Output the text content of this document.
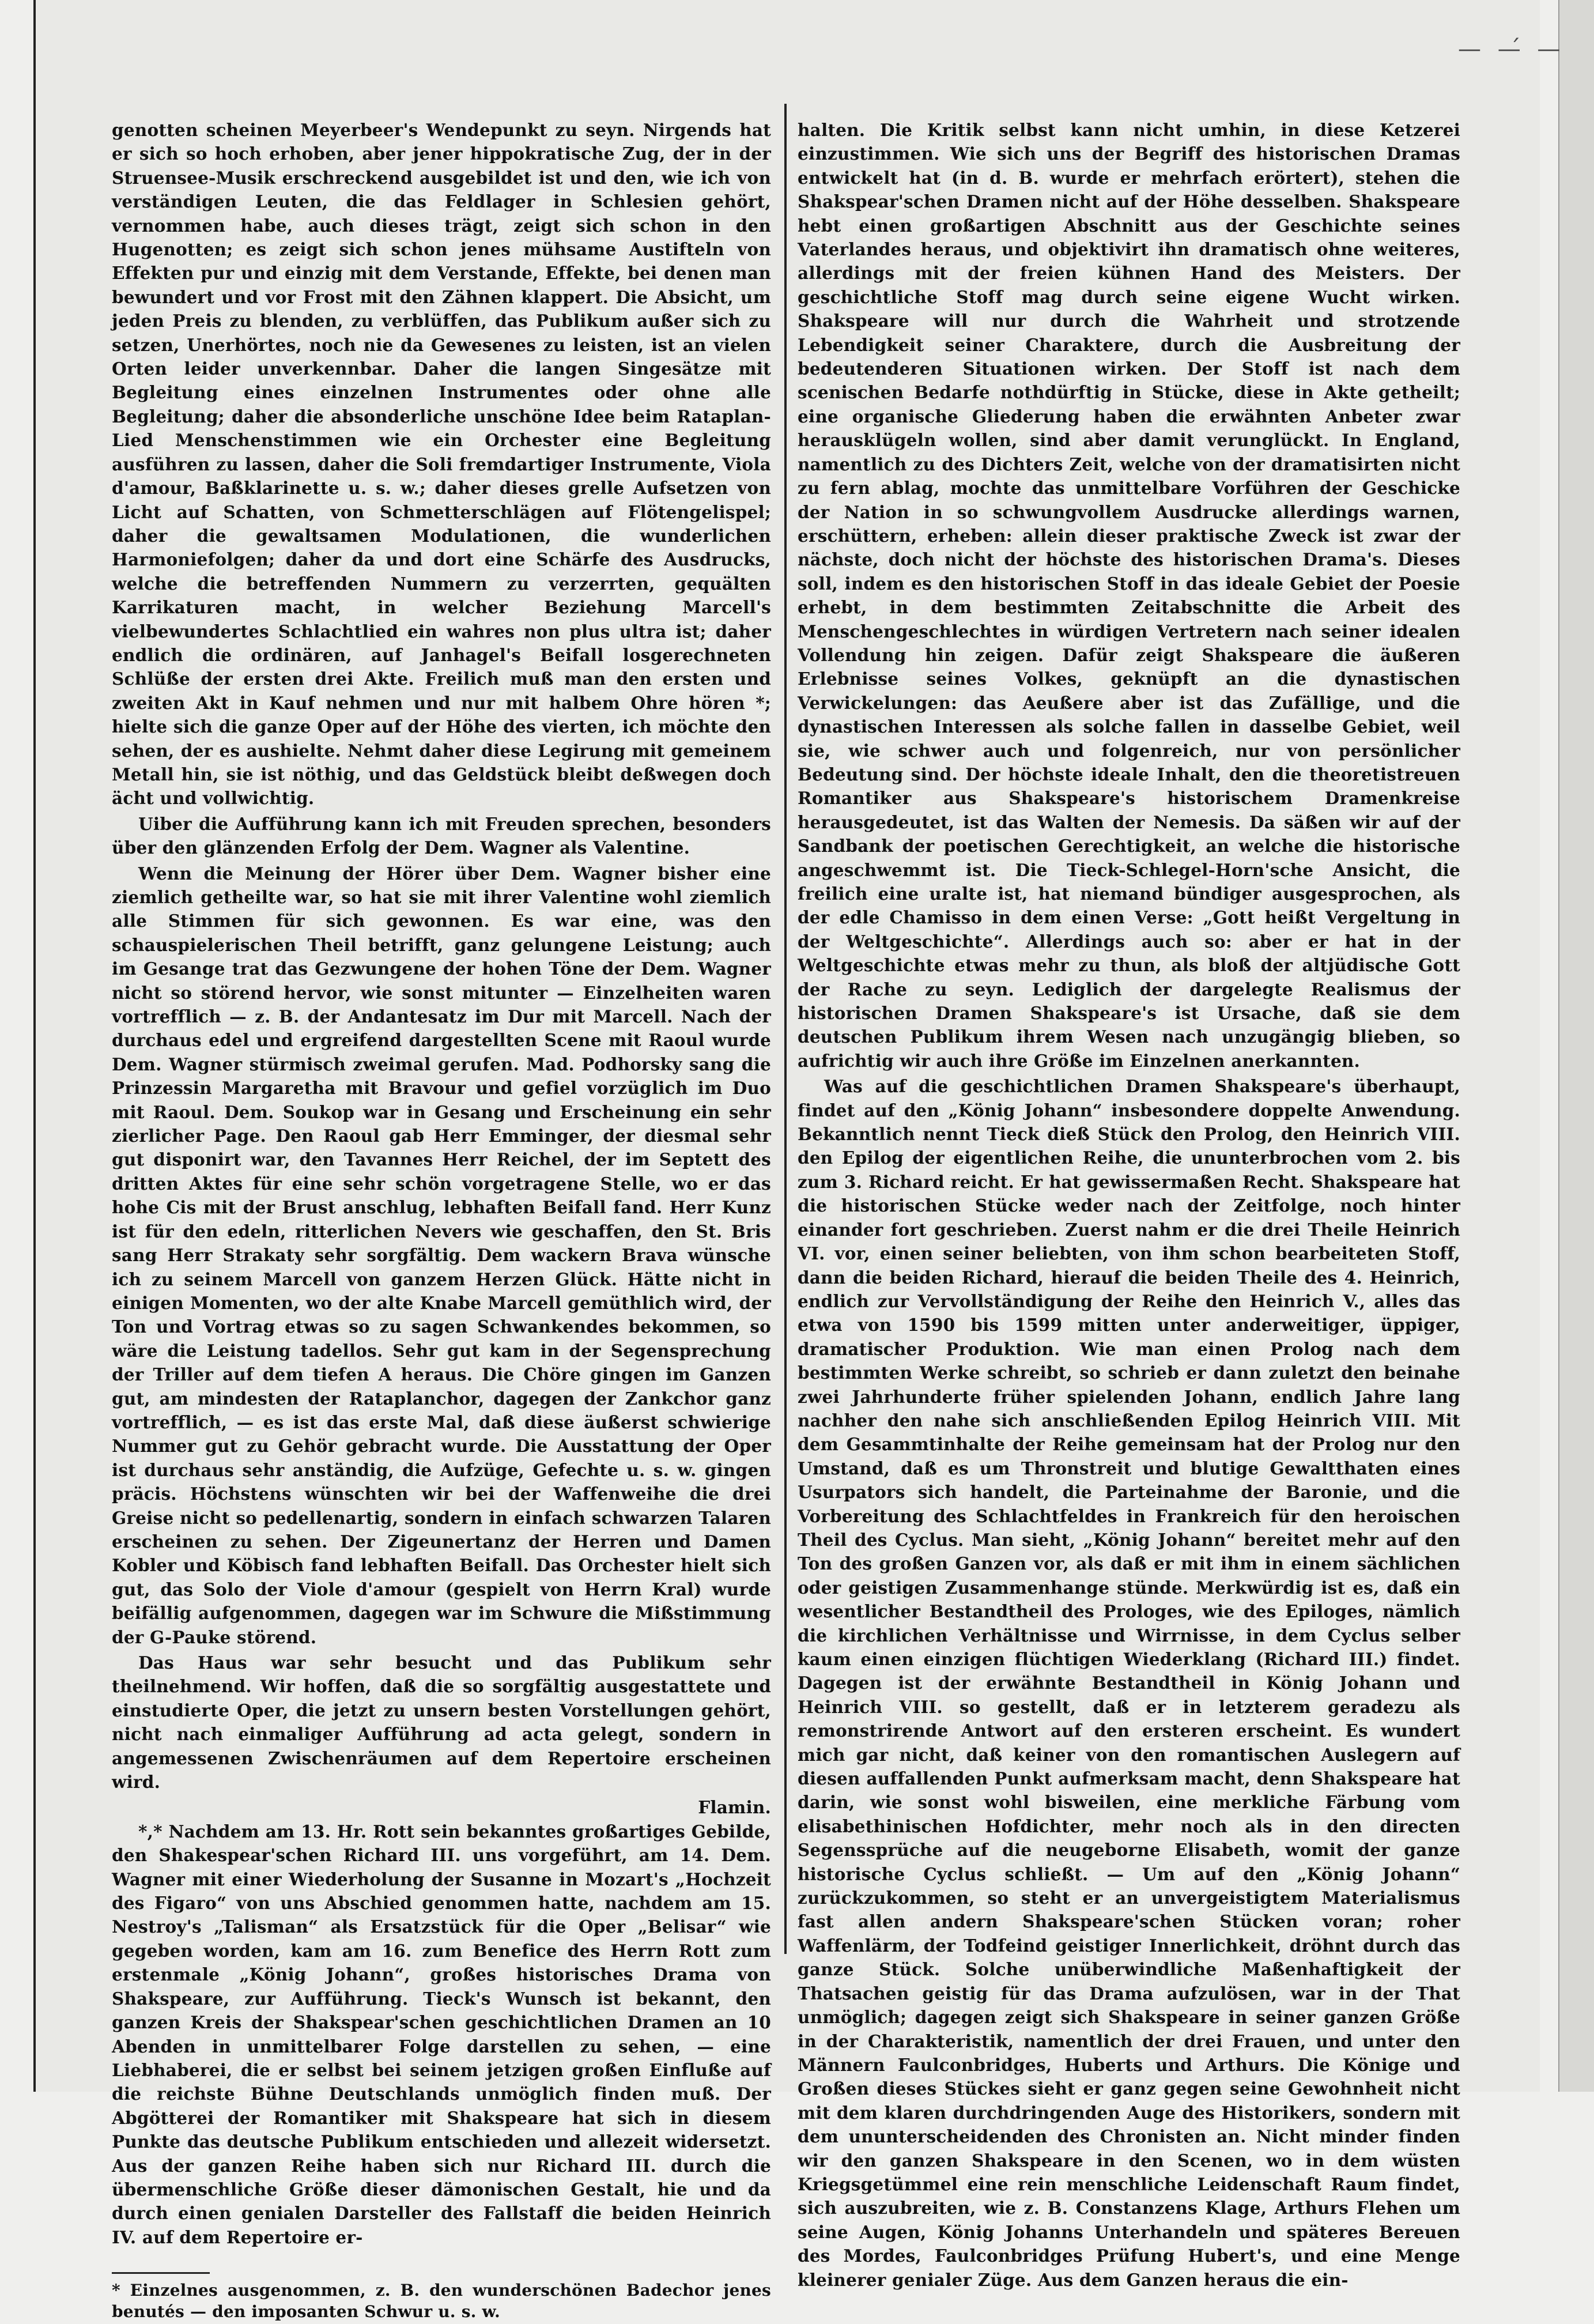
— —́ —

genotten scheinen Meyerbeer's Wendepunkt zu seyn. Nirgends hat er sich so hoch erhoben, aber jener hippokratische Zug, der in der Struensee-Musik erschreckend ausgebildet ist und den, wie ich von verständigen Leuten, die das Feldlager in Schlesien gehört, vernommen habe, auch dieses trägt, zeigt sich schon in den Hugenotten; es zeigt sich schon jenes mühsame Austifteln von Effekten pur und einzig mit dem Verstande, Effekte, bei denen man bewundert und vor Frost mit den Zähnen klappert. Die Absicht, um jeden Preis zu blenden, zu verblüffen, das Publikum außer sich zu setzen, Unerhörtes, noch nie da Gewesenes zu leisten, ist an vielen Orten leider unverkennbar. Daher die langen Singesätze mit Begleitung eines einzelnen Instrumentes oder ohne alle Begleitung; daher die absonderliche unschöne Idee beim Rataplan-Lied Menschenstimmen wie ein Orchester eine Begleitung ausführen zu lassen, daher die Soli fremdartiger Instrumente, Viola d'amour, Baßklarinette u. s. w.; daher dieses grelle Aufsetzen von Licht auf Schatten, von Schmetterschlägen auf Flötengelispel; daher die gewaltsamen Modulationen, die wunderlichen Harmoniefolgen; daher da und dort eine Schärfe des Ausdrucks, welche die betreffenden Nummern zu verzerrten, gequälten Karrikaturen macht, in welcher Beziehung Marcell's vielbewundertes Schlachtlied ein wahres non plus ultra ist; daher endlich die ordinären, auf Janhagel's Beifall losgerechneten Schlüße der ersten drei Akte. Freilich muß man den ersten und zweiten Akt in Kauf nehmen und nur mit halbem Ohre hören *; hielte sich die ganze Oper auf der Höhe des vierten, ich möchte den sehen, der es aushielte. Nehmt daher diese Legirung mit gemeinem Metall hin, sie ist nöthig, und das Geldstück bleibt deßwegen doch ächt und vollwichtig.

Uiber die Aufführung kann ich mit Freuden sprechen, besonders über den glänzenden Erfolg der Dem. Wagner als Valentine.

Wenn die Meinung der Hörer über Dem. Wagner bisher eine ziemlich getheilte war, so hat sie mit ihrer Valentine wohl ziemlich alle Stimmen für sich gewonnen. Es war eine, was den schauspielerischen Theil betrifft, ganz gelungene Leistung; auch im Gesange trat das Gezwungene der hohen Töne der Dem. Wagner nicht so störend hervor, wie sonst mitunter — Einzelheiten waren vortrefflich — z. B. der Andantesatz im Dur mit Marcell. Nach der durchaus edel und ergreifend dargestellten Scene mit Raoul wurde Dem. Wagner stürmisch zweimal gerufen. Mad. Podhorsky sang die Prinzessin Margaretha mit Bravour und gefiel vorzüglich im Duo mit Raoul. Dem. Soukop war in Gesang und Erscheinung ein sehr zierlicher Page. Den Raoul gab Herr Emminger, der diesmal sehr gut disponirt war, den Tavannes Herr Reichel, der im Septett des dritten Aktes für eine sehr schön vorgetragene Stelle, wo er das hohe Cis mit der Brust anschlug, lebhaften Beifall fand. Herr Kunz ist für den edeln, ritterlichen Nevers wie geschaffen, den St. Bris sang Herr Strakaty sehr sorgfältig. Dem wackern Brava wünsche ich zu seinem Marcell von ganzem Herzen Glück. Hätte nicht in einigen Momenten, wo der alte Knabe Marcell gemüthlich wird, der Ton und Vortrag etwas so zu sagen Schwankendes bekommen, so wäre die Leistung tadellos. Sehr gut kam in der Segensprechung der Triller auf dem tiefen A heraus. Die Chöre gingen im Ganzen gut, am mindesten der Rataplanchor, dagegen der Zankchor ganz vortrefflich, — es ist das erste Mal, daß diese äußerst schwierige Nummer gut zu Gehör gebracht wurde. Die Ausstattung der Oper ist durchaus sehr anständig, die Aufzüge, Gefechte u. s. w. gingen präcis. Höchstens wünschten wir bei der Waffenweihe die drei Greise nicht so pedellenartig, sondern in einfach schwarzen Talaren erscheinen zu sehen. Der Zigeunertanz der Herren und Damen Kobler und Köbisch fand lebhaften Beifall. Das Orchester hielt sich gut, das Solo der Viole d'amour (gespielt von Herrn Kral) wurde beifällig aufgenommen, dagegen war im Schwure die Mißstimmung der G-Pauke störend.

Das Haus war sehr besucht und das Publikum sehr theilnehmend. Wir hoffen, daß die so sorgfältig ausgestattete und einstudierte Oper, die jetzt zu unsern besten Vorstellungen gehört, nicht nach einmaliger Aufführung ad acta gelegt, sondern in angemessenen Zwischenräumen auf dem Repertoire erscheinen wird.

Flamin.

*,* Nachdem am 13. Hr. Rott sein bekanntes großartiges Gebilde, den Shakespear'schen Richard III. uns vorgeführt, am 14. Dem. Wagner mit einer Wiederholung der Susanne in Mozart's „Hochzeit des Figaro“ von uns Abschied genommen hatte, nachdem am 15. Nestroy's „Talisman“ als Ersatzstück für die Oper „Belisar“ wie gegeben worden, kam am 16. zum Benefice des Herrn Rott zum erstenmale „König Johann“, großes historisches Drama von Shakspeare, zur Aufführung. Tieck's Wunsch ist bekannt, den ganzen Kreis der Shakspear'schen geschichtlichen Dramen an 10 Abenden in unmittelbarer Folge darstellen zu sehen, — eine Liebhaberei, die er selbst bei seinem jetzigen großen Einfluße auf die reichste Bühne Deutschlands unmöglich finden muß. Der Abgötterei der Romantiker mit Shakspeare hat sich in diesem Punkte das deutsche Publikum entschieden und allezeit widersetzt. Aus der ganzen Reihe haben sich nur Richard III. durch die übermenschliche Größe dieser dämonischen Gestalt, hie und da durch einen genialen Darsteller des Fallstaff die beiden Heinrich IV. auf dem Repertoire er-

* Einzelnes ausgenommen, z. B. den wunderschönen Badechor jenes benutés — den imposanten Schwur u. s. w.

halten. Die Kritik selbst kann nicht umhin, in diese Ketzerei einzustimmen. Wie sich uns der Begriff des historischen Dramas entwickelt hat (in d. B. wurde er mehrfach erörtert), stehen die Shakspear'schen Dramen nicht auf der Höhe desselben. Shakspeare hebt einen großartigen Abschnitt aus der Geschichte seines Vaterlandes heraus, und objektivirt ihn dramatisch ohne weiteres, allerdings mit der freien kühnen Hand des Meisters. Der geschichtliche Stoff mag durch seine eigene Wucht wirken. Shakspeare will nur durch die Wahrheit und strotzende Lebendigkeit seiner Charaktere, durch die Ausbreitung der bedeutenderen Situationen wirken. Der Stoff ist nach dem scenischen Bedarfe nothdürftig in Stücke, diese in Akte getheilt; eine organische Gliederung haben die erwähnten Anbeter zwar herausklügeln wollen, sind aber damit verunglückt. In England, namentlich zu des Dichters Zeit, welche von der dramatisirten nicht zu fern ablag, mochte das unmittelbare Vorführen der Geschicke der Nation in so schwungvollem Ausdrucke allerdings warnen, erschüttern, erheben: allein dieser praktische Zweck ist zwar der nächste, doch nicht der höchste des historischen Drama's. Dieses soll, indem es den historischen Stoff in das ideale Gebiet der Poesie erhebt, in dem bestimmten Zeitabschnitte die Arbeit des Menschengeschlechtes in würdigen Vertretern nach seiner idealen Vollendung hin zeigen. Dafür zeigt Shakspeare die äußeren Erlebnisse seines Volkes, geknüpft an die dynastischen Verwickelungen: das Aeußere aber ist das Zufällige, und die dynastischen Interessen als solche fallen in dasselbe Gebiet, weil sie, wie schwer auch und folgenreich, nur von persönlicher Bedeutung sind. Der höchste ideale Inhalt, den die theoretistreuen Romantiker aus Shakspeare's historischem Dramenkreise herausgedeutet, ist das Walten der Nemesis. Da säßen wir auf der Sandbank der poetischen Gerechtigkeit, an welche die historische angeschwemmt ist. Die Tieck-Schlegel-Horn'sche Ansicht, die freilich eine uralte ist, hat niemand bündiger ausgesprochen, als der edle Chamisso in dem einen Verse: „Gott heißt Vergeltung in der Weltgeschichte“. Allerdings auch so: aber er hat in der Weltgeschichte etwas mehr zu thun, als bloß der altjüdische Gott der Rache zu seyn. Lediglich der dargelegte Realismus der historischen Dramen Shakspeare's ist Ursache, daß sie dem deutschen Publikum ihrem Wesen nach unzugängig blieben, so aufrichtig wir auch ihre Größe im Einzelnen anerkannten.

Was auf die geschichtlichen Dramen Shakspeare's überhaupt, findet auf den „König Johann“ insbesondere doppelte Anwendung. Bekanntlich nennt Tieck dieß Stück den Prolog, den Heinrich VIII. den Epilog der eigentlichen Reihe, die ununterbrochen vom 2. bis zum 3. Richard reicht. Er hat gewissermaßen Recht. Shakspeare hat die historischen Stücke weder nach der Zeitfolge, noch hinter einander fort geschrieben. Zuerst nahm er die drei Theile Heinrich VI. vor, einen seiner beliebten, von ihm schon bearbeiteten Stoff, dann die beiden Richard, hierauf die beiden Theile des 4. Heinrich, endlich zur Vervollständigung der Reihe den Heinrich V., alles das etwa von 1590 bis 1599 mitten unter anderweitiger, üppiger, dramatischer Produktion. Wie man einen Prolog nach dem bestimmten Werke schreibt, so schrieb er dann zuletzt den beinahe zwei Jahrhunderte früher spielenden Johann, endlich Jahre lang nachher den nahe sich anschließenden Epilog Heinrich VIII. Mit dem Gesammtinhalte der Reihe gemeinsam hat der Prolog nur den Umstand, daß es um Thronstreit und blutige Gewaltthaten eines Usurpators sich handelt, die Parteinahme der Baronie, und die Vorbereitung des Schlachtfeldes in Frankreich für den heroischen Theil des Cyclus. Man sieht, „König Johann“ bereitet mehr auf den Ton des großen Ganzen vor, als daß er mit ihm in einem sächlichen oder geistigen Zusammenhange stünde. Merkwürdig ist es, daß ein wesentlicher Bestandtheil des Prologes, wie des Epiloges, nämlich die kirchlichen Verhältnisse und Wirrnisse, in dem Cyclus selber kaum einen einzigen flüchtigen Wiederklang (Richard III.) findet. Dagegen ist der erwähnte Bestandtheil in König Johann und Heinrich VIII. so gestellt, daß er in letzterem geradezu als remonstrirende Antwort auf den ersteren erscheint. Es wundert mich gar nicht, daß keiner von den romantischen Auslegern auf diesen auffallenden Punkt aufmerksam macht, denn Shakspeare hat darin, wie sonst wohl bisweilen, eine merkliche Färbung vom elisabethinischen Hofdichter, mehr noch als in den directen Segenssprüche auf die neugeborne Elisabeth, womit der ganze historische Cyclus schließt. — Um auf den „König Johann“ zurückzukommen, so steht er an unvergeistigtem Materialismus fast allen andern Shakspeare'schen Stücken voran; roher Waffenlärm, der Todfeind geistiger Innerlichkeit, dröhnt durch das ganze Stück. Solche unüberwindliche Maßenhaftigkeit der Thatsachen geistig für das Drama aufzulösen, war in der That unmöglich; dagegen zeigt sich Shakspeare in seiner ganzen Größe in der Charakteristik, namentlich der drei Frauen, und unter den Männern Faulconbridges, Huberts und Arthurs. Die Könige und Großen dieses Stückes sieht er ganz gegen seine Gewohnheit nicht mit dem klaren durchdringenden Auge des Historikers, sondern mit dem ununterscheidenden des Chronisten an. Nicht minder finden wir den ganzen Shakspeare in den Scenen, wo in dem wüsten Kriegsgetümmel eine rein menschliche Leidenschaft Raum findet, sich auszubreiten, wie z. B. Constanzens Klage, Arthurs Flehen um seine Augen, König Johanns Unterhandeln und späteres Bereuen des Mordes, Faulconbridges Prüfung Hubert's, und eine Menge kleinerer genialer Züge. Aus dem Ganzen heraus die ein-
